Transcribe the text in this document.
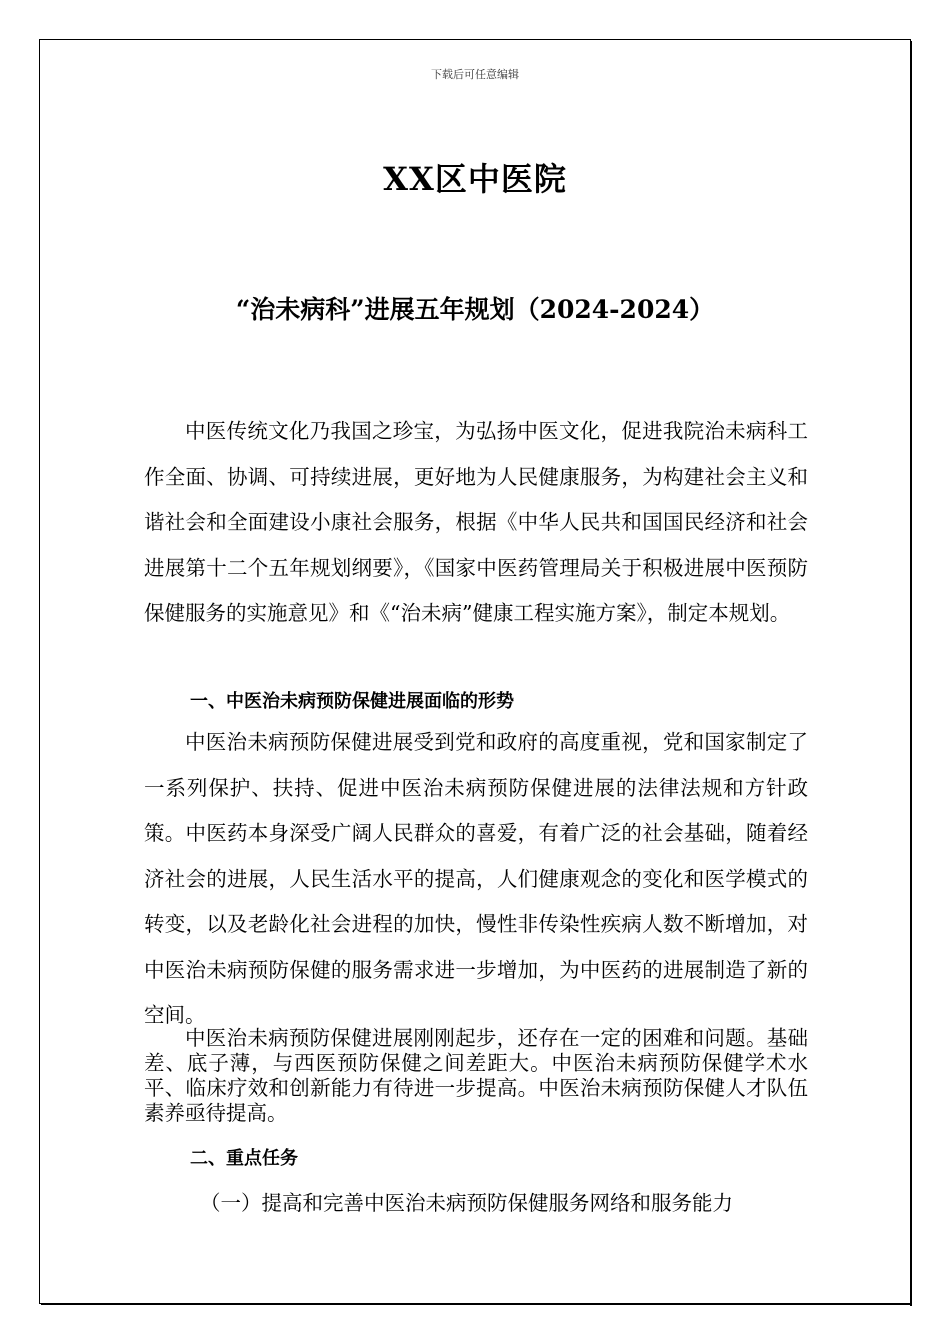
下载后可任意编辑
XX区中医院
“治未病科”进展五年规划（2024-2024）

中医传统文化乃我国之珍宝，为弘扬中医文化，促进我院治未病科工作全面、协调、可持续进展，更好地为人民健康服务，为构建社会主义和谐社会和全面建设小康社会服务，根据《中华人民共和国国民经济和社会进展第十二个五年规划纲要》，《国家中医药管理局关于积极进展中医预防保健服务的实施意见》和《“治未病”健康工程实施方案》，制定本规划。

一、中医治未病预防保健进展面临的形势

中医治未病预防保健进展受到党和政府的高度重视，党和国家制定了一系列保护、扶持、促进中医治未病预防保健进展的法律法规和方针政策。中医药本身深受广阔人民群众的喜爱，有着广泛的社会基础，随着经济社会的进展，人民生活水平的提高，人们健康观念的变化和医学模式的转变，以及老龄化社会进程的加快，慢性非传染性疾病人数不断增加，对中医治未病预防保健的服务需求进一步增加，为中医药的进展制造了新的空间。

中医治未病预防保健进展刚刚起步，还存在一定的困难和问题。基础差、底子薄，与西医预防保健之间差距大。中医治未病预防保健学术水平、临床疗效和创新能力有待进一步提高。中医治未病预防保健人才队伍素养亟待提高。

二、重点任务

（一）提高和完善中医治未病预防保健服务网络和服务能力
